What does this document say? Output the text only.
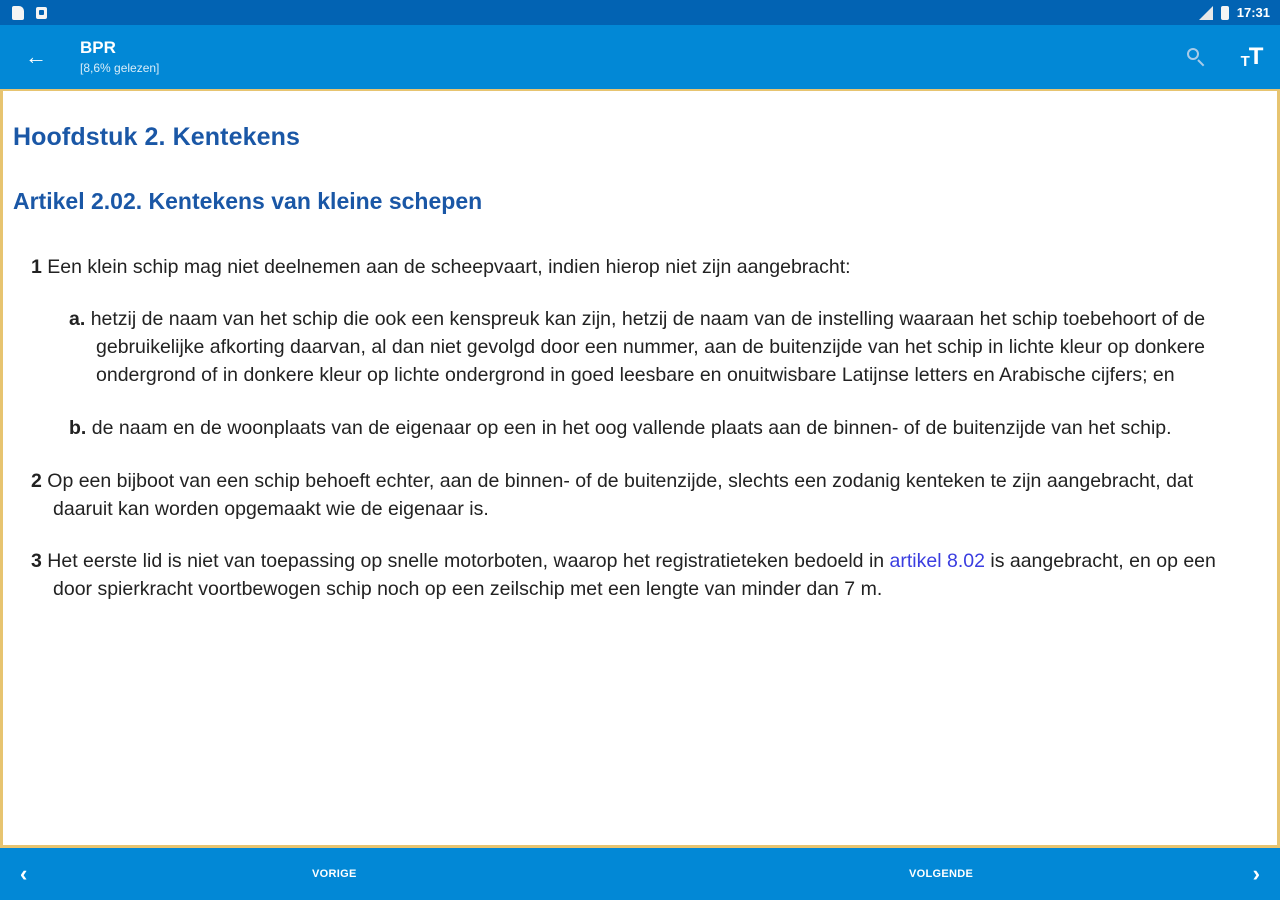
17:31
← BPR
[8,6% gelezen]	T T
Hoofdstuk 2. Kentekens
Artikel 2.02. Kentekens van kleine schepen

1 Een klein schip mag niet deelnemen aan de scheepvaart, indien hierop niet zijn aangebracht:

a. hetzij de naam van het schip die ook een kenspreuk kan zijn, hetzij de naam van de instelling waaraan het schip toebehoort of de gebruikelijke afkorting daarvan, al dan niet gevolgd door een nummer, aan de buitenzijde van het schip in lichte kleur op donkere ondergrond of in donkere kleur op lichte ondergrond in goed leesbare en onuitwisbare Latijnse letters en Arabische cijfers; en

b. de naam en de woonplaats van de eigenaar op een in het oog vallende plaats aan de binnen- of de buitenzijde van het schip.

2 Op een bijboot van een schip behoeft echter, aan de binnen- of de buitenzijde, slechts een zodanig kenteken te zijn aangebracht, dat daaruit kan worden opgemaakt wie de eigenaar is.

3 Het eerste lid is niet van toepassing op snelle motorboten, waarop het registratieteken bedoeld in artikel 8.02 is aangebracht, en op een door spierkracht voortbewogen schip noch op een zeilschip met een lengte van minder dan 7 m.

‹	VORIGE	VOLGENDE	›
